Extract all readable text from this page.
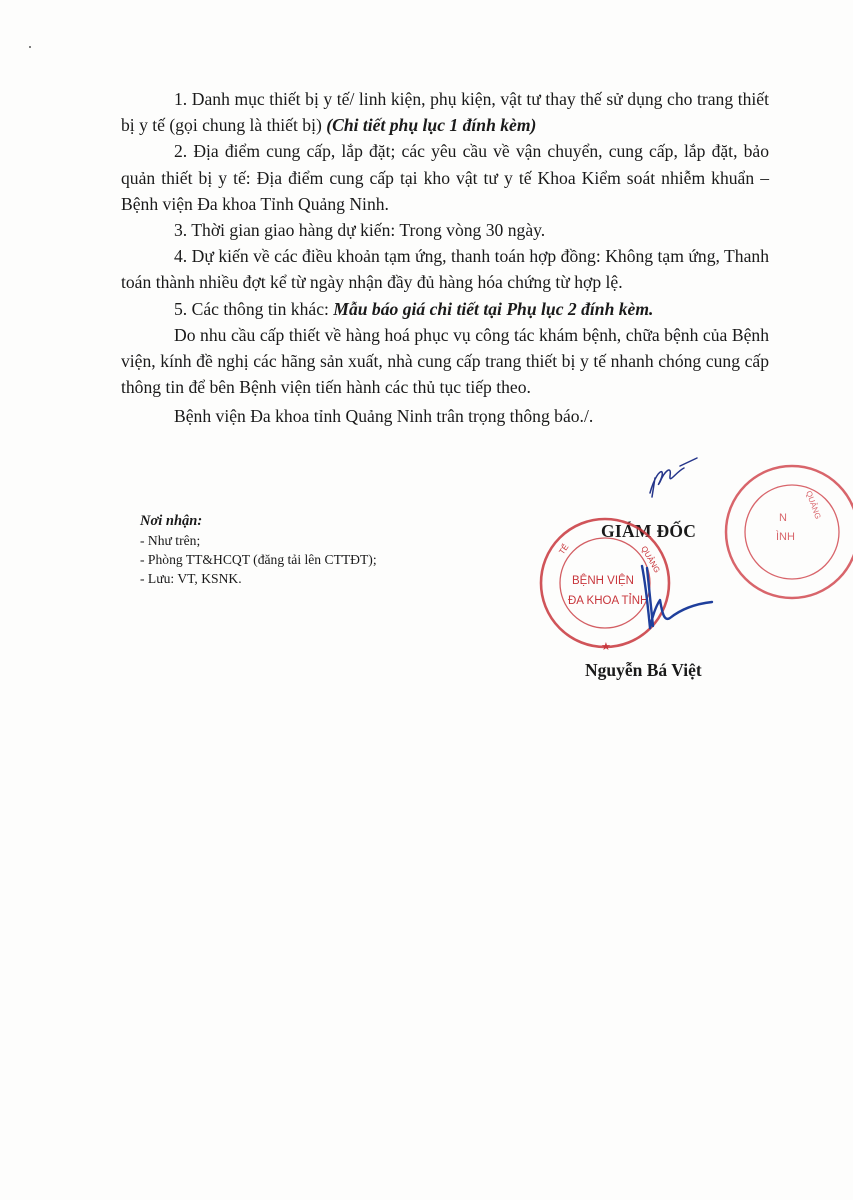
1. Danh mục thiết bị y tế/ linh kiện, phụ kiện, vật tư thay thế sử dụng cho trang thiết bị y tế (gọi chung là thiết bị) (Chi tiết phụ lục 1 đính kèm)

2. Địa điểm cung cấp, lắp đặt; các yêu cầu về vận chuyển, cung cấp, lắp đặt, bảo quản thiết bị y tế: Địa điểm cung cấp tại kho vật tư y tế Khoa Kiểm soát nhiễm khuẩn – Bệnh viện Đa khoa Tỉnh Quảng Ninh.

3. Thời gian giao hàng dự kiến: Trong vòng 30 ngày.

4. Dự kiến về các điều khoản tạm ứng, thanh toán hợp đồng: Không tạm ứng, Thanh toán thành nhiều đợt kể từ ngày nhận đầy đủ hàng hóa chứng từ hợp lệ.

5. Các thông tin khác: Mẫu báo giá chi tiết tại Phụ lục 2 đính kèm.

Do nhu cầu cấp thiết về hàng hoá phục vụ công tác khám bệnh, chữa bệnh của Bệnh viện, kính đề nghị các hãng sản xuất, nhà cung cấp trang thiết bị y tế nhanh chóng cung cấp thông tin để bên Bệnh viện tiến hành các thủ tục tiếp theo.

Bệnh viện Đa khoa tỉnh Quảng Ninh trân trọng thông báo./.

Nơi nhận:
- Như trên;
- Phòng TT&HCQT (đăng tải lên CTTĐT);
- Lưu: VT, KSNK.
GIÁM ĐỐC
Nguyễn Bá Việt
N
ÌNH
QUẢNG
BỆNH VIỆN
ĐA KHOA TỈNH
★
TẾ	QUẢNG
